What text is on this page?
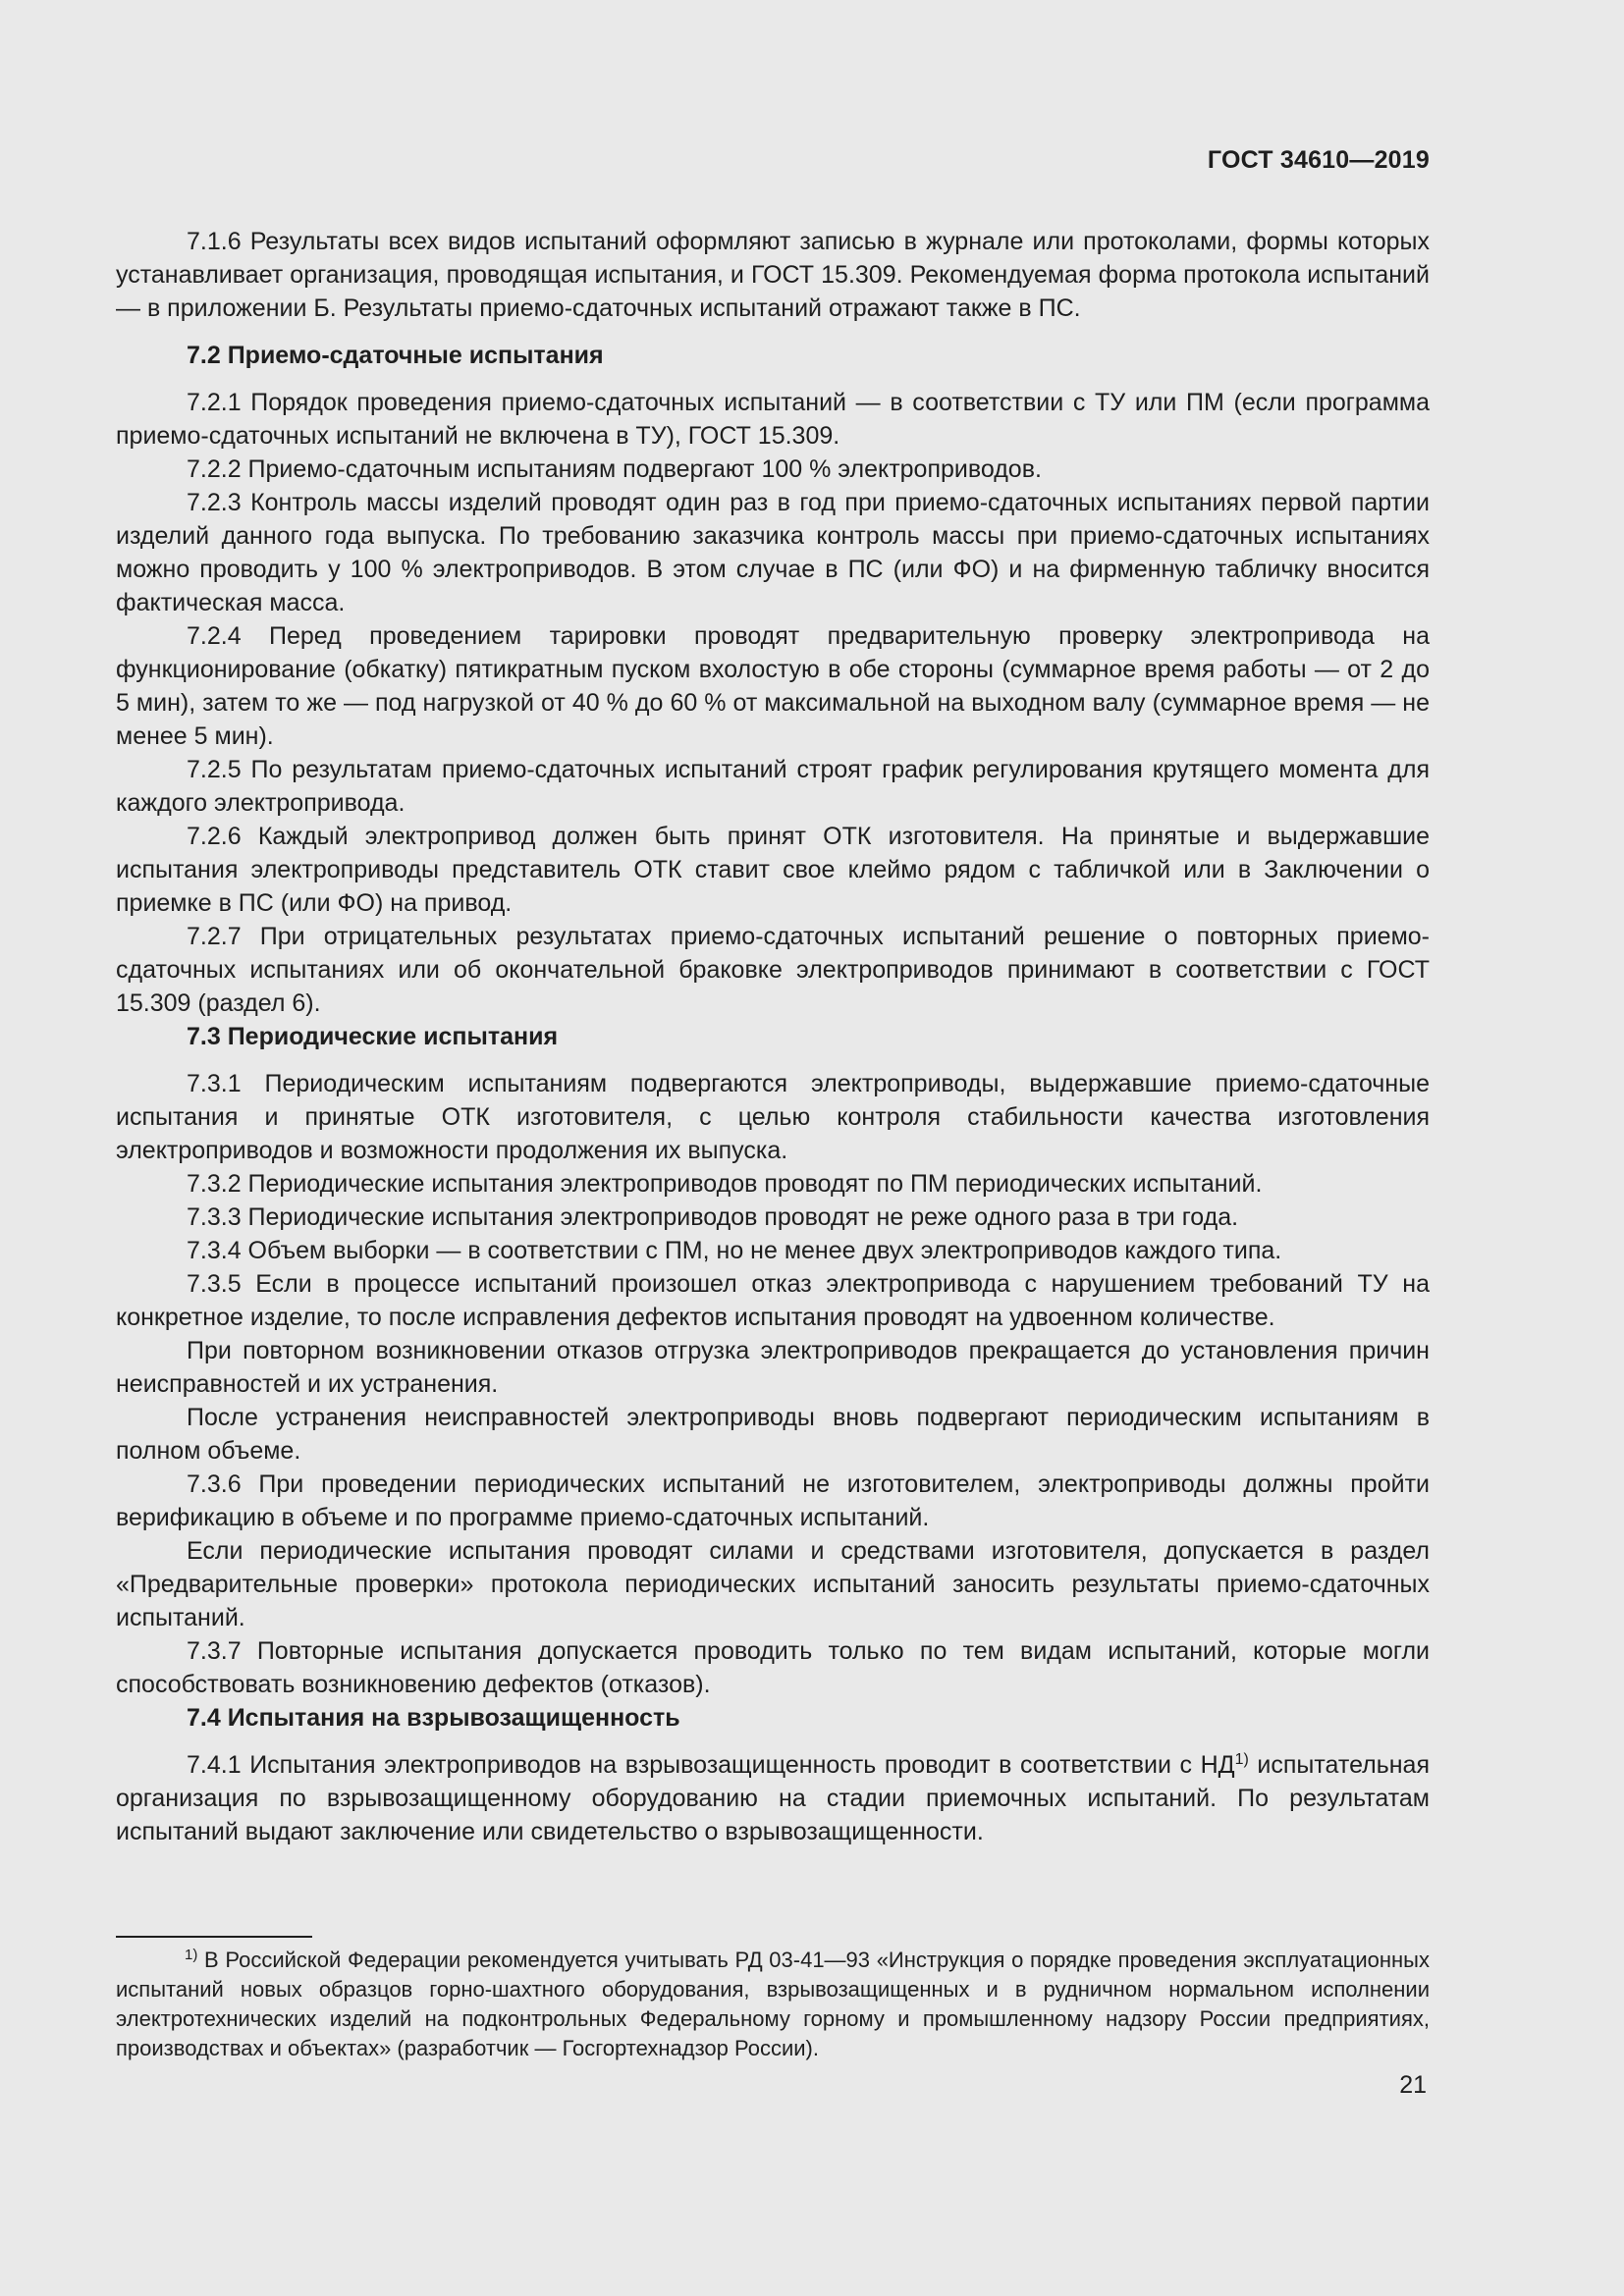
ГОСТ 34610—2019

7.1.6 Результаты всех видов испытаний оформляют записью в журнале или протоколами, формы которых устанавливает организация, проводящая испытания, и ГОСТ 15.309. Рекомендуемая форма протокола испытаний — в приложении Б. Результаты приемо-сдаточных испытаний отражают также в ПС.

7.2 Приемо-сдаточные испытания

7.2.1 Порядок проведения приемо-сдаточных испытаний — в соответствии с ТУ или ПМ (если программа приемо-сдаточных испытаний не включена в ТУ), ГОСТ 15.309.

7.2.2 Приемо-сдаточным испытаниям подвергают 100 % электроприводов.

7.2.3 Контроль массы изделий проводят один раз в год при приемо-сдаточных испытаниях первой партии изделий данного года выпуска. По требованию заказчика контроль массы при приемо-сдаточных испытаниях можно проводить у 100 % электроприводов. В этом случае в ПС (или ФО) и на фирменную табличку вносится фактическая масса.

7.2.4 Перед проведением тарировки проводят предварительную проверку электропривода на функционирование (обкатку) пятикратным пуском вхолостую в обе стороны (суммарное время работы — от 2 до 5 мин), затем то же — под нагрузкой от 40 % до 60 % от максимальной на выходном валу (суммарное время — не менее 5 мин).

7.2.5 По результатам приемо-сдаточных испытаний строят график регулирования крутящего момента для каждого электропривода.

7.2.6 Каждый электропривод должен быть принят ОТК изготовителя. На принятые и выдержавшие испытания электроприводы представитель ОТК ставит свое клеймо рядом с табличкой или в Заключении о приемке в ПС (или ФО) на привод.

7.2.7 При отрицательных результатах приемо-сдаточных испытаний решение о повторных приемо-сдаточных испытаниях или об окончательной браковке электроприводов принимают в соответствии с ГОСТ 15.309 (раздел 6).

7.3 Периодические испытания

7.3.1 Периодическим испытаниям подвергаются электроприводы, выдержавшие приемо-сдаточные испытания и принятые ОТК изготовителя, с целью контроля стабильности качества изготовления электроприводов и возможности продолжения их выпуска.

7.3.2 Периодические испытания электроприводов проводят по ПМ периодических испытаний.

7.3.3 Периодические испытания электроприводов проводят не реже одного раза в три года.

7.3.4 Объем выборки — в соответствии с ПМ, но не менее двух электроприводов каждого типа.

7.3.5 Если в процессе испытаний произошел отказ электропривода с нарушением требований ТУ на конкретное изделие, то после исправления дефектов испытания проводят на удвоенном количестве.

При повторном возникновении отказов отгрузка электроприводов прекращается до установления причин неисправностей и их устранения.

После устранения неисправностей электроприводы вновь подвергают периодическим испытаниям в полном объеме.

7.3.6 При проведении периодических испытаний не изготовителем, электроприводы должны пройти верификацию в объеме и по программе приемо-сдаточных испытаний.

Если периодические испытания проводят силами и средствами изготовителя, допускается в раздел «Предварительные проверки» протокола периодических испытаний заносить результаты приемо-сдаточных испытаний.

7.3.7 Повторные испытания допускается проводить только по тем видам испытаний, которые могли способствовать возникновению дефектов (отказов).

7.4 Испытания на взрывозащищенность

7.4.1 Испытания электроприводов на взрывозащищенность проводит в соответствии с НД$^{1)}$ испытательная организация по взрывозащищенному оборудованию на стадии приемочных испытаний. По результатам испытаний выдают заключение или свидетельство о взрывозащищенности.

$^{1)}$ В Российской Федерации рекомендуется учитывать РД 03-41—93 «Инструкция о порядке проведения эксплуатационных испытаний новых образцов горно-шахтного оборудования, взрывозащищенных и в рудничном нормальном исполнении электротехнических изделий на подконтрольных Федеральному горному и промышленному надзору России предприятиях, производствах и объектах» (разработчик — Госгортехнадзор России).

21
